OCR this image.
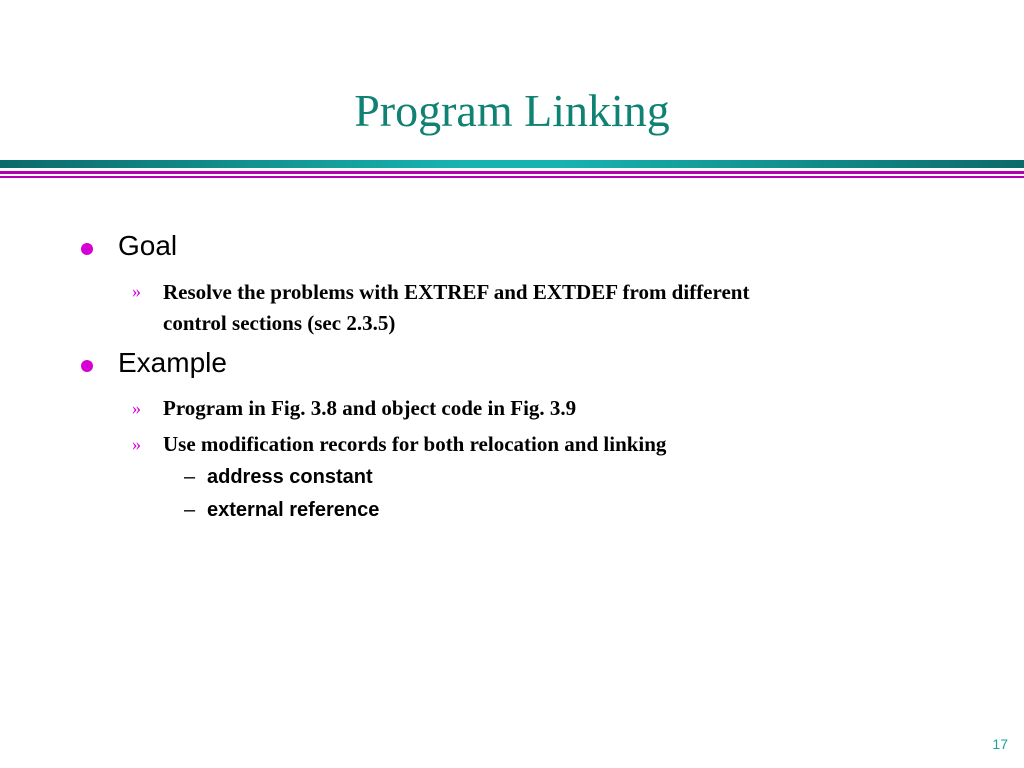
Program Linking
Goal
» Resolve the problems with EXTREF and EXTDEF from different
control sections (sec 2.3.5)
Example
» Program in Fig. 3.8 and object code in Fig. 3.9
» Use modification records for both relocation and linking
– address constant
– external reference
17
